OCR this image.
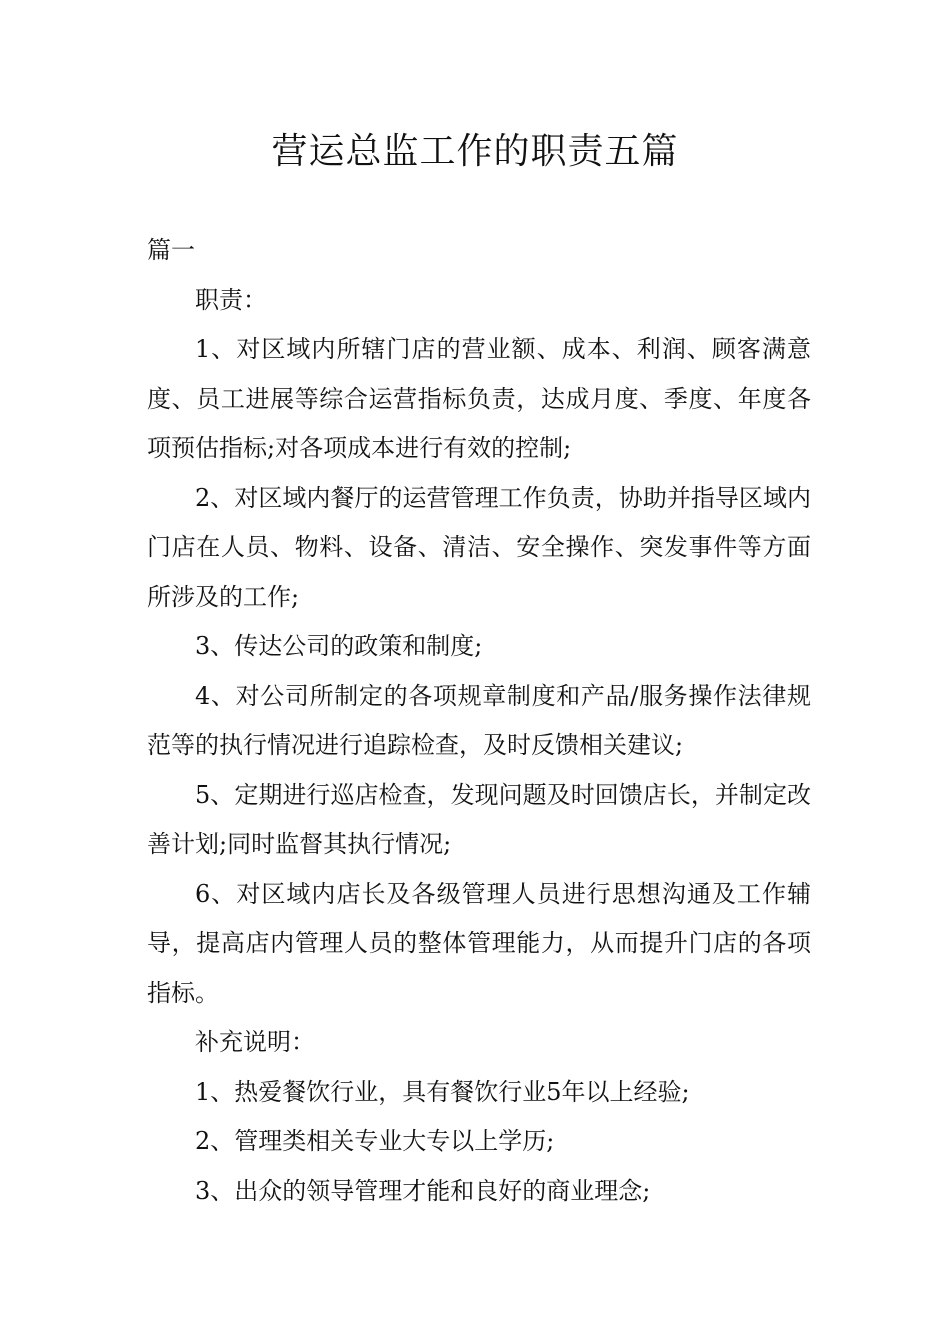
营运总监工作的职责五篇

篇一

职责：

1、对区域内所辖门店的营业额、成本、利润、顾客满意度、员工进展等综合运营指标负责，达成月度、季度、年度各项预估指标;对各项成本进行有效的控制;

2、对区域内餐厅的运营管理工作负责，协助并指导区域内门店在人员、物料、设备、清洁、安全操作、突发事件等方面所涉及的工作;

3、传达公司的政策和制度;

4、对公司所制定的各项规章制度和产品/服务操作法律规范等的执行情况进行追踪检查，及时反馈相关建议;

5、定期进行巡店检查，发现问题及时回馈店长，并制定改善计划;同时监督其执行情况;

6、对区域内店长及各级管理人员进行思想沟通及工作辅导，提高店内管理人员的整体管理能力，从而提升门店的各项指标。

补充说明：

1、热爱餐饮行业，具有餐饮行业5年以上经验;

2、管理类相关专业大专以上学历;

3、出众的领导管理才能和良好的商业理念;
